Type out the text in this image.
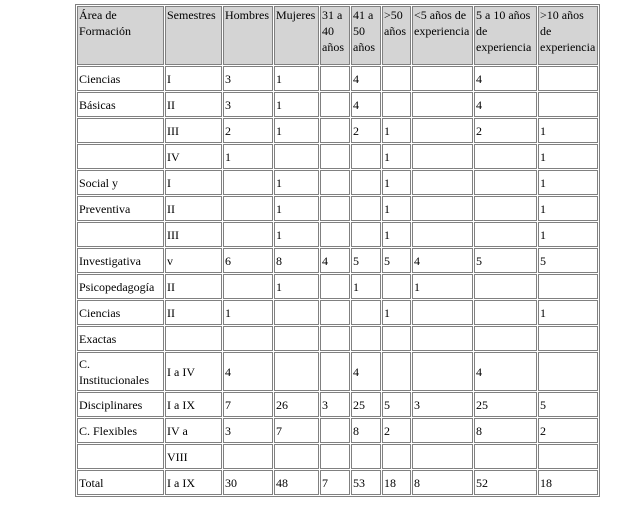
Área de Formación	Semestres	Hombres	Mujeres	31 a 40 años	41 a 50 años	>50 años	<5 años de experiencia	5 a 10 años de experiencia	>10 años de experiencia
Ciencias	I	3	1		4			4	
Básicas	II	3	1		4			4	
	III	2	1		2	1		2	1
	IV	1				1			1
Social y	I		1			1			1
Preventiva	II		1			1			1
	III		1			1			1
Investigativa	v	6	8	4	5	5	4	5	5
Psicopedagogía	II		1		1		1		
Ciencias	II	1				1			1
Exactas									
C. Institucionales	I a IV	4			4			4	
Disciplinares	I a IX	7	26	3	25	5	3	25	5
C. Flexibles	IV a	3	7		8	2		8	2
	VIII								
Total	I a IX	30	48	7	53	18	8	52	18
